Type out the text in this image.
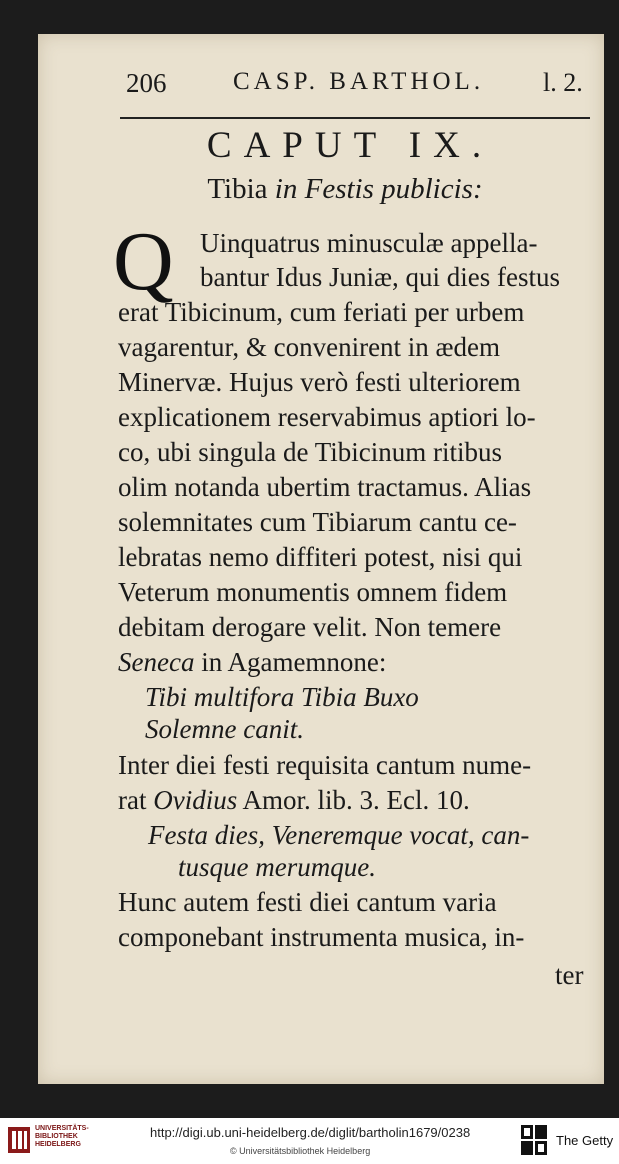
206	CASP. BARTHOL. l. 2.
CAPUT IX.
Tibia in Festis publicis:
Q Uinquatrus minusculæ appella-
bantur Idus Juniæ, qui dies festus
erat Tibicinum, cum feriati per urbem
vagarentur, & convenirent in ædem
Minervæ. Hujus verò festi ulteriorem
explicationem reservabimus aptiori lo-
co, ubi singula de Tibicinum ritibus
olim notanda ubertim tractamus. Alias
solemnitates cum Tibiarum cantu ce-
lebratas nemo diffiteri potest, nisi qui
Veterum monumentis omnem fidem
debitam derogare velit. Non temere
Seneca in Agamemnone:
Tibi multifora Tibia Buxo
Solemne canit.
Inter diei festi requisita cantum nume-
rat Ovidius Amor. lib. 3. Ecl. 10.
Festa dies, Veneremque vocat, can-
tusque merumque.
Hunc autem festi diei cantum varia
componebant instrumenta musica, in-
ter
UNIVERSITÄTS- BIBLIOTHEK HEIDELBERG
http://digi.ub.uni-heidelberg.de/diglit/bartholin1679/0238
© Universitätsbibliothek Heidelberg
The Getty
